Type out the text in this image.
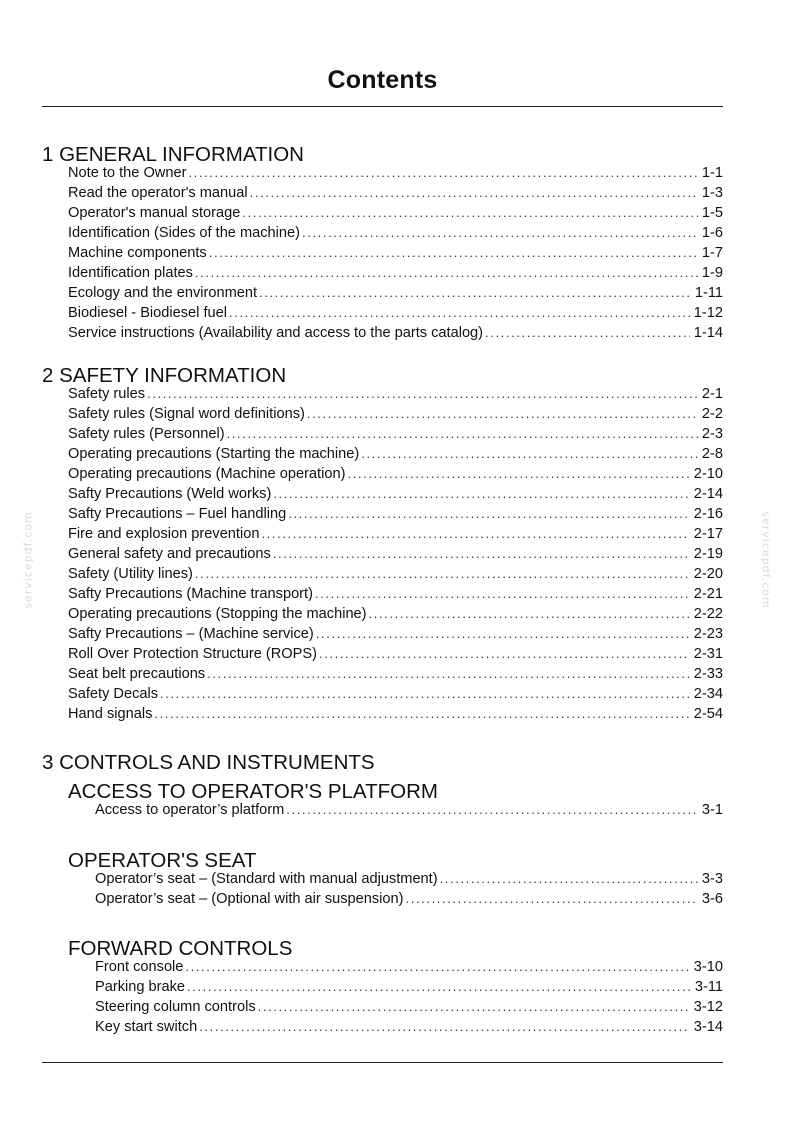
Contents
1 GENERAL INFORMATION
Note to the Owner .....	1-1
Read the operator's manual .....	1-3
Operator's manual storage .....	1-5
Identification (Sides of the machine) .....	1-6
Machine components .....	1-7
Identification plates .....	1-9
Ecology and the environment .....	1-11
Biodiesel - Biodiesel fuel .....	1-12
Service instructions (Availability and access to the parts catalog) .....	1-14
2 SAFETY INFORMATION
Safety rules .....	2-1
Safety rules (Signal word definitions) .....	2-2
Safety rules (Personnel) .....	2-3
Operating precautions (Starting the machine) .....	2-8
Operating precautions (Machine operation) .....	2-10
Safty Precautions (Weld works) .....	2-14
Safty Precautions – Fuel handling .....	2-16
Fire and explosion prevention .....	2-17
General safety and precautions .....	2-19
Safety (Utility lines) .....	2-20
Safty Precautions (Machine transport) .....	2-21
Operating precautions (Stopping the machine) .....	2-22
Safty Precautions – (Machine service) .....	2-23
Roll Over Protection Structure (ROPS) .....	2-31
Seat belt precautions .....	2-33
Safety Decals .....	2-34
Hand signals .....	2-54
3 CONTROLS AND INSTRUMENTS
ACCESS TO OPERATOR'S PLATFORM
Access to operator’s platform .....	3-1
OPERATOR'S SEAT
Operator’s seat – (Standard with manual adjustment) .....	3-3
Operator’s seat – (Optional with air suspension) .....	3-6
FORWARD CONTROLS
Front console .....	3-10
Parking brake .....	3-11
Steering column controls .....	3-12
Key start switch .....	3-14
servicepdf.com	servicepdf.com
